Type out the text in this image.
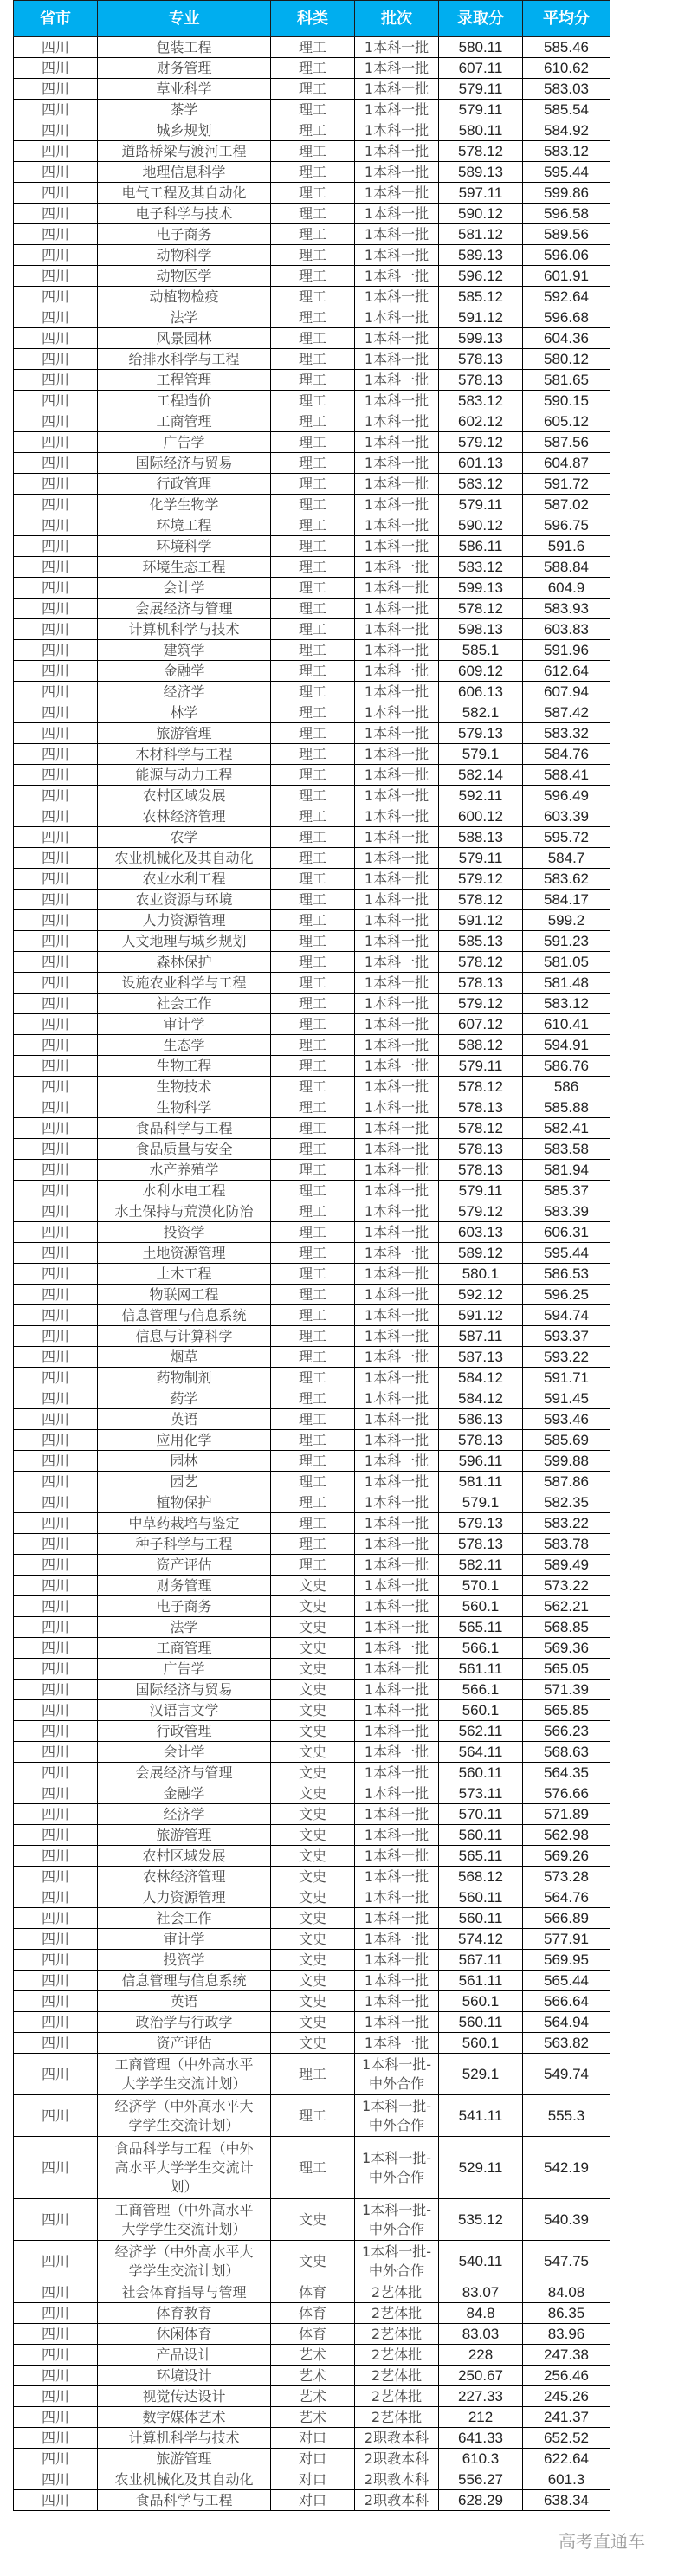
省市	专业	科类	批次	录取分	平均分
四川	包装工程	理工	1本科一批	580.11	585.46
四川	财务管理	理工	1本科一批	607.11	610.62
四川	草业科学	理工	1本科一批	579.11	583.03
四川	茶学	理工	1本科一批	579.11	585.54
四川	城乡规划	理工	1本科一批	580.11	584.92
四川	道路桥梁与渡河工程	理工	1本科一批	578.12	583.12
四川	地理信息科学	理工	1本科一批	589.13	595.44
四川	电气工程及其自动化	理工	1本科一批	597.11	599.86
四川	电子科学与技术	理工	1本科一批	590.12	596.58
四川	电子商务	理工	1本科一批	581.12	589.56
四川	动物科学	理工	1本科一批	589.13	596.06
四川	动物医学	理工	1本科一批	596.12	601.91
四川	动植物检疫	理工	1本科一批	585.12	592.64
四川	法学	理工	1本科一批	591.12	596.68
四川	风景园林	理工	1本科一批	599.13	604.36
四川	给排水科学与工程	理工	1本科一批	578.13	580.12
四川	工程管理	理工	1本科一批	578.13	581.65
四川	工程造价	理工	1本科一批	583.12	590.15
四川	工商管理	理工	1本科一批	602.12	605.12
四川	广告学	理工	1本科一批	579.12	587.56
四川	国际经济与贸易	理工	1本科一批	601.13	604.87
四川	行政管理	理工	1本科一批	583.12	591.72
四川	化学生物学	理工	1本科一批	579.11	587.02
四川	环境工程	理工	1本科一批	590.12	596.75
四川	环境科学	理工	1本科一批	586.11	591.6
四川	环境生态工程	理工	1本科一批	583.12	588.84
四川	会计学	理工	1本科一批	599.13	604.9
四川	会展经济与管理	理工	1本科一批	578.12	583.93
四川	计算机科学与技术	理工	1本科一批	598.13	603.83
四川	建筑学	理工	1本科一批	585.1	591.96
四川	金融学	理工	1本科一批	609.12	612.64
四川	经济学	理工	1本科一批	606.13	607.94
四川	林学	理工	1本科一批	582.1	587.42
四川	旅游管理	理工	1本科一批	579.13	583.32
四川	木材科学与工程	理工	1本科一批	579.1	584.76
四川	能源与动力工程	理工	1本科一批	582.14	588.41
四川	农村区域发展	理工	1本科一批	592.11	596.49
四川	农林经济管理	理工	1本科一批	600.12	603.39
四川	农学	理工	1本科一批	588.13	595.72
四川	农业机械化及其自动化	理工	1本科一批	579.11	584.7
四川	农业水利工程	理工	1本科一批	579.12	583.62
四川	农业资源与环境	理工	1本科一批	578.12	584.17
四川	人力资源管理	理工	1本科一批	591.12	599.2
四川	人文地理与城乡规划	理工	1本科一批	585.13	591.23
四川	森林保护	理工	1本科一批	578.12	581.05
四川	设施农业科学与工程	理工	1本科一批	578.13	581.48
四川	社会工作	理工	1本科一批	579.12	583.12
四川	审计学	理工	1本科一批	607.12	610.41
四川	生态学	理工	1本科一批	588.12	594.91
四川	生物工程	理工	1本科一批	579.11	586.76
四川	生物技术	理工	1本科一批	578.12	586
四川	生物科学	理工	1本科一批	578.13	585.88
四川	食品科学与工程	理工	1本科一批	578.12	582.41
四川	食品质量与安全	理工	1本科一批	578.13	583.58
四川	水产养殖学	理工	1本科一批	578.13	581.94
四川	水利水电工程	理工	1本科一批	579.11	585.37
四川	水土保持与荒漠化防治	理工	1本科一批	579.12	583.39
四川	投资学	理工	1本科一批	603.13	606.31
四川	土地资源管理	理工	1本科一批	589.12	595.44
四川	土木工程	理工	1本科一批	580.1	586.53
四川	物联网工程	理工	1本科一批	592.12	596.25
四川	信息管理与信息系统	理工	1本科一批	591.12	594.74
四川	信息与计算科学	理工	1本科一批	587.11	593.37
四川	烟草	理工	1本科一批	587.13	593.22
四川	药物制剂	理工	1本科一批	584.12	591.71
四川	药学	理工	1本科一批	584.12	591.45
四川	英语	理工	1本科一批	586.13	593.46
四川	应用化学	理工	1本科一批	578.13	585.69
四川	园林	理工	1本科一批	596.11	599.88
四川	园艺	理工	1本科一批	581.11	587.86
四川	植物保护	理工	1本科一批	579.1	582.35
四川	中草药栽培与鉴定	理工	1本科一批	579.13	583.22
四川	种子科学与工程	理工	1本科一批	578.13	583.78
四川	资产评估	理工	1本科一批	582.11	589.49
四川	财务管理	文史	1本科一批	570.1	573.22
四川	电子商务	文史	1本科一批	560.1	562.21
四川	法学	文史	1本科一批	565.11	568.85
四川	工商管理	文史	1本科一批	566.1	569.36
四川	广告学	文史	1本科一批	561.11	565.05
四川	国际经济与贸易	文史	1本科一批	566.1	571.39
四川	汉语言文学	文史	1本科一批	560.1	565.85
四川	行政管理	文史	1本科一批	562.11	566.23
四川	会计学	文史	1本科一批	564.11	568.63
四川	会展经济与管理	文史	1本科一批	560.11	564.35
四川	金融学	文史	1本科一批	573.11	576.66
四川	经济学	文史	1本科一批	570.11	571.89
四川	旅游管理	文史	1本科一批	560.11	562.98
四川	农村区域发展	文史	1本科一批	565.11	569.26
四川	农林经济管理	文史	1本科一批	568.12	573.28
四川	人力资源管理	文史	1本科一批	560.11	564.76
四川	社会工作	文史	1本科一批	560.11	566.89
四川	审计学	文史	1本科一批	574.12	577.91
四川	投资学	文史	1本科一批	567.11	569.95
四川	信息管理与信息系统	文史	1本科一批	561.11	565.44
四川	英语	文史	1本科一批	560.1	566.64
四川	政治学与行政学	文史	1本科一批	560.11	564.94
四川	资产评估	文史	1本科一批	560.1	563.82
四川	工商管理（中外高水平大学学生交流计划）	理工	1本科一批-中外合作	529.1	549.74
四川	经济学（中外高水平大学学生交流计划）	理工	1本科一批-中外合作	541.11	555.3
四川	食品科学与工程（中外高水平大学学生交流计划）	理工	1本科一批-中外合作	529.11	542.19
四川	工商管理（中外高水平大学学生交流计划）	文史	1本科一批-中外合作	535.12	540.39
四川	经济学（中外高水平大学学生交流计划）	文史	1本科一批-中外合作	540.11	547.75
四川	社会体育指导与管理	体育	2艺体批	83.07	84.08
四川	体育教育	体育	2艺体批	84.8	86.35
四川	休闲体育	体育	2艺体批	83.03	83.96
四川	产品设计	艺术	2艺体批	228	247.38
四川	环境设计	艺术	2艺体批	250.67	256.46
四川	视觉传达设计	艺术	2艺体批	227.33	245.26
四川	数字媒体艺术	艺术	2艺体批	212	241.37
四川	计算机科学与技术	对口	2职教本科	641.33	652.52
四川	旅游管理	对口	2职教本科	610.3	622.64
四川	农业机械化及其自动化	对口	2职教本科	556.27	601.3
四川	食品科学与工程	对口	2职教本科	628.29	638.34
高考直通车
